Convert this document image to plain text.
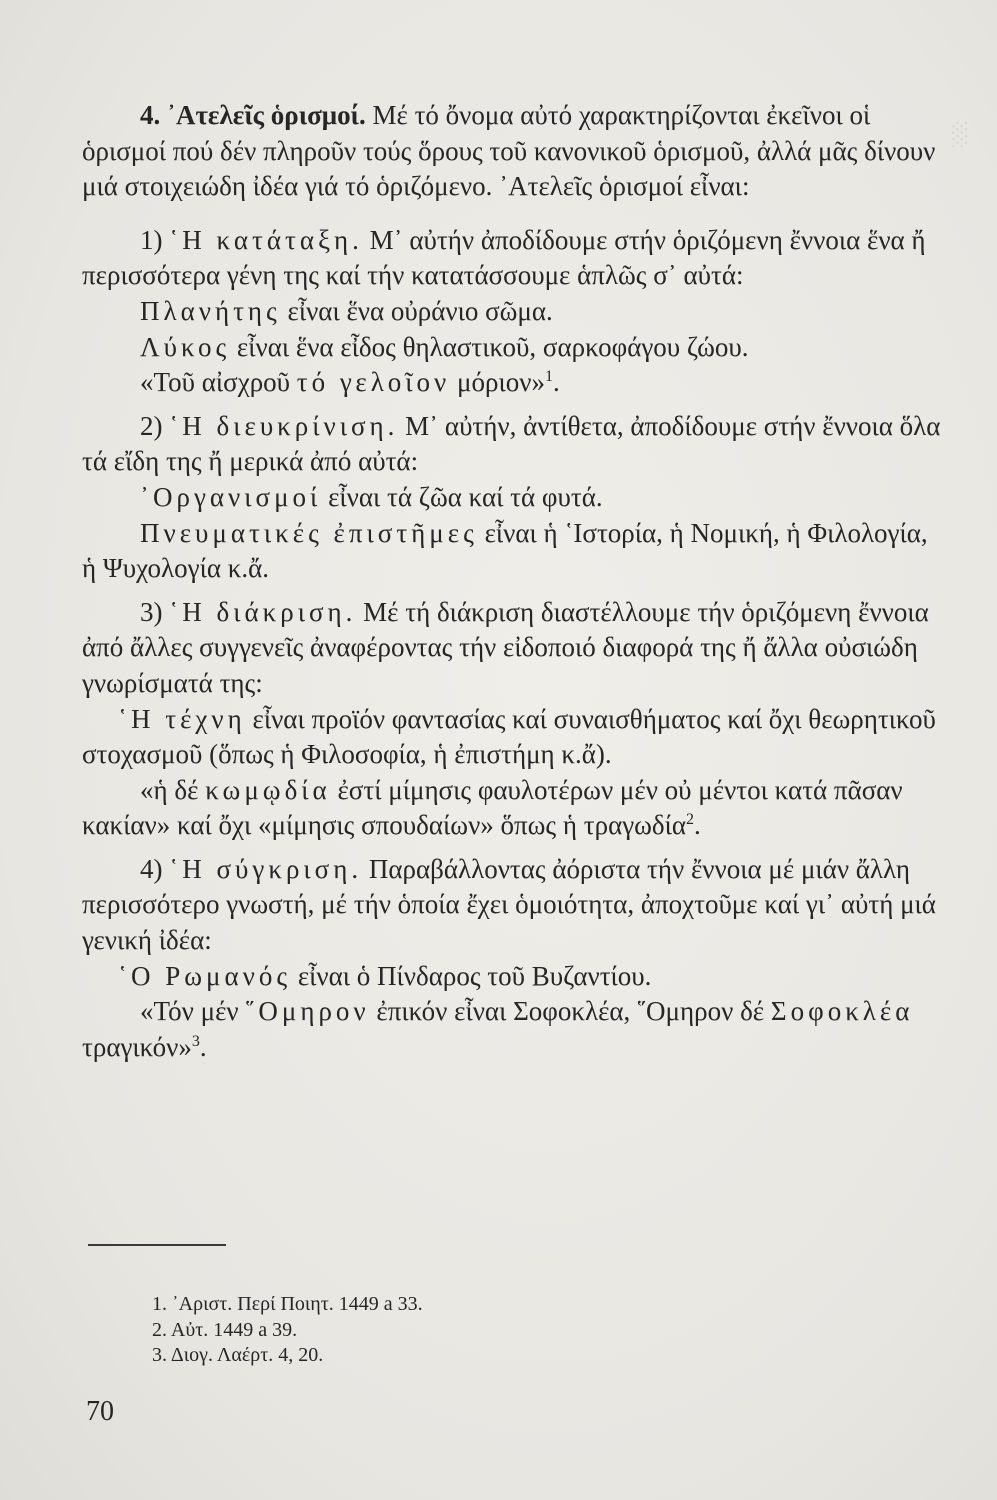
░

4. ᾿Ατελεῖς ὁρισμοί. Μέ τό ὄνομα αὐτό χαρακτηρίζονται ἐκεῖνοι οἱ ὁρισμοί πού δέν πληροῦν τούς ὅρους τοῦ κανονικοῦ ὁρισμοῦ, ἀλλά μᾶς δίνουν μιά στοιχειώδη ἰδέα γιά τό ὁριζόμενο. ᾿Ατελεῖς ὁρισμοί εἶναι:

1) ῾Η κατάταξη. Μ᾿ αὐτήν ἀποδίδουμε στήν ὁριζόμενη ἔννοια ἕνα ἤ περισσότερα γένη της καί τήν κατατάσσουμε ἁπλῶς σ᾿ αὐτά:

Πλανήτης εἶναι ἕνα οὐράνιο σῶμα.

Λύκος εἶναι ἕνα εἶδος θηλαστικοῦ, σαρκοφάγου ζώου.

«Τοῦ αἰσχροῦ τό γελοῖον μόριον»$^1$.

2) ῾Η διευκρίνιση. Μ᾿ αὐτήν, ἀντίθετα, ἀποδίδουμε στήν ἔννοια ὅλα τά εἴδη της ἤ μερικά ἀπό αὐτά:

᾿Οργανισμοί εἶναι τά ζῶα καί τά φυτά.

Πνευματικές ἐπιστῆμες εἶναι ἡ ῾Ιστορία, ἡ Νομική, ἡ Φιλολογία, ἡ Ψυχολογία κ.ἄ.

3) ῾Η διάκριση. Μέ τή διάκριση διαστέλλουμε τήν ὁριζόμενη ἔννοια ἀπό ἄλλες συγγενεῖς ἀναφέροντας τήν εἰδοποιό διαφορά της ἤ ἄλλα οὐσιώδη γνωρίσματά της:

῾Η τέχνη εἶναι προϊόν φαντασίας καί συναισθήματος καί ὄχι θεωρητικοῦ στοχασμοῦ (ὅπως ἡ Φιλοσοφία, ἡ ἐπιστήμη κ.ἄ).

«ἡ δέ κωμῳδία ἐστί μίμησις φαυλοτέρων μέν οὐ μέντοι κατά πᾶσαν κακίαν» καί ὄχι «μίμησις σπουδαίων» ὅπως ἡ τραγωδία$^2$.

4) ῾Η σύγκριση. Παραβάλλοντας ἀόριστα τήν ἔννοια μέ μιάν ἄλλη περισσότερο γνωστή, μέ τήν ὁποία ἔχει ὁμοιότητα, ἀποχτοῦμε καί γι᾿ αὐτή μιά γενική ἰδέα:

῾Ο Ρωμανός εἶναι ὁ Πίνδαρος τοῦ Βυζαντίου.

«Τόν μέν ῞Ομηρον ἐπικόν εἶναι Σοφοκλέα, ῞Ομηρον δέ Σοφοκλέα τραγικόν»$^3$.

1. ᾿Αριστ. Περί Ποιητ. 1449 a 33.
2. Αὐτ. 1449 a 39.
3. Διογ. Λαέρτ. 4, 20.
70
